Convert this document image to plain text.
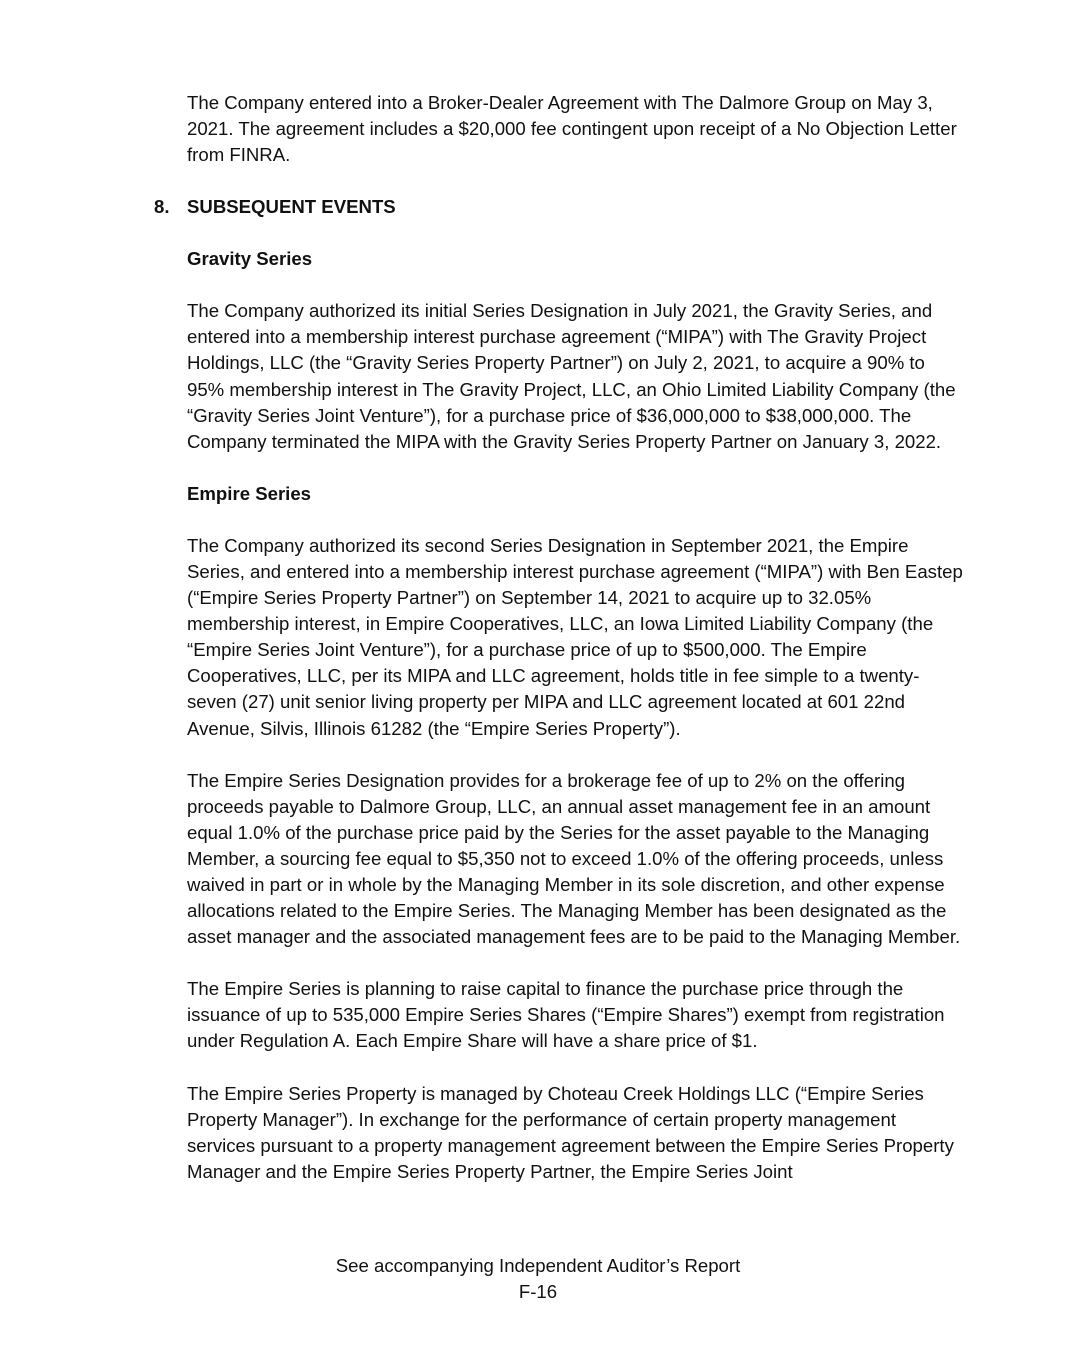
The Company entered into a Broker-Dealer Agreement with The Dalmore Group on May 3, 2021. The agreement includes a $20,000 fee contingent upon receipt of a No Objection Letter from FINRA.

8. SUBSEQUENT EVENTS
Gravity Series

The Company authorized its initial Series Designation in July 2021, the Gravity Series, and entered into a membership interest purchase agreement (“MIPA”) with The Gravity Project Holdings, LLC (the “Gravity Series Property Partner”) on July 2, 2021, to acquire a 90% to 95% membership interest in The Gravity Project, LLC, an Ohio Limited Liability Company (the “Gravity Series Joint Venture”), for a purchase price of $36,000,000 to $38,000,000. The Company terminated the MIPA with the Gravity Series Property Partner on January 3, 2022.

Empire Series

The Company authorized its second Series Designation in September 2021, the Empire Series, and entered into a membership interest purchase agreement (“MIPA”) with Ben Eastep (“Empire Series Property Partner”) on September 14, 2021 to acquire up to 32.05% membership interest, in Empire Cooperatives, LLC, an Iowa Limited Liability Company (the “Empire Series Joint Venture”), for a purchase price of up to $500,000. The Empire Cooperatives, LLC, per its MIPA and LLC agreement, holds title in fee simple to a twenty-seven (27) unit senior living property per MIPA and LLC agreement located at 601 22nd Avenue, Silvis, Illinois 61282 (the “Empire Series Property”).

The Empire Series Designation provides for a brokerage fee of up to 2% on the offering proceeds payable to Dalmore Group, LLC, an annual asset management fee in an amount equal 1.0% of the purchase price paid by the Series for the asset payable to the Managing Member, a sourcing fee equal to $5,350 not to exceed 1.0% of the offering proceeds, unless waived in part or in whole by the Managing Member in its sole discretion, and other expense allocations related to the Empire Series. The Managing Member has been designated as the asset manager and the associated management fees are to be paid to the Managing Member.

The Empire Series is planning to raise capital to finance the purchase price through the issuance of up to 535,000 Empire Series Shares (“Empire Shares”) exempt from registration under Regulation A. Each Empire Share will have a share price of $1.

The Empire Series Property is managed by Choteau Creek Holdings LLC (“Empire Series Property Manager”). In exchange for the performance of certain property management services pursuant to a property management agreement between the Empire Series Property Manager and the Empire Series Property Partner, the Empire Series Joint

See accompanying Independent Auditor’s Report
F-16
